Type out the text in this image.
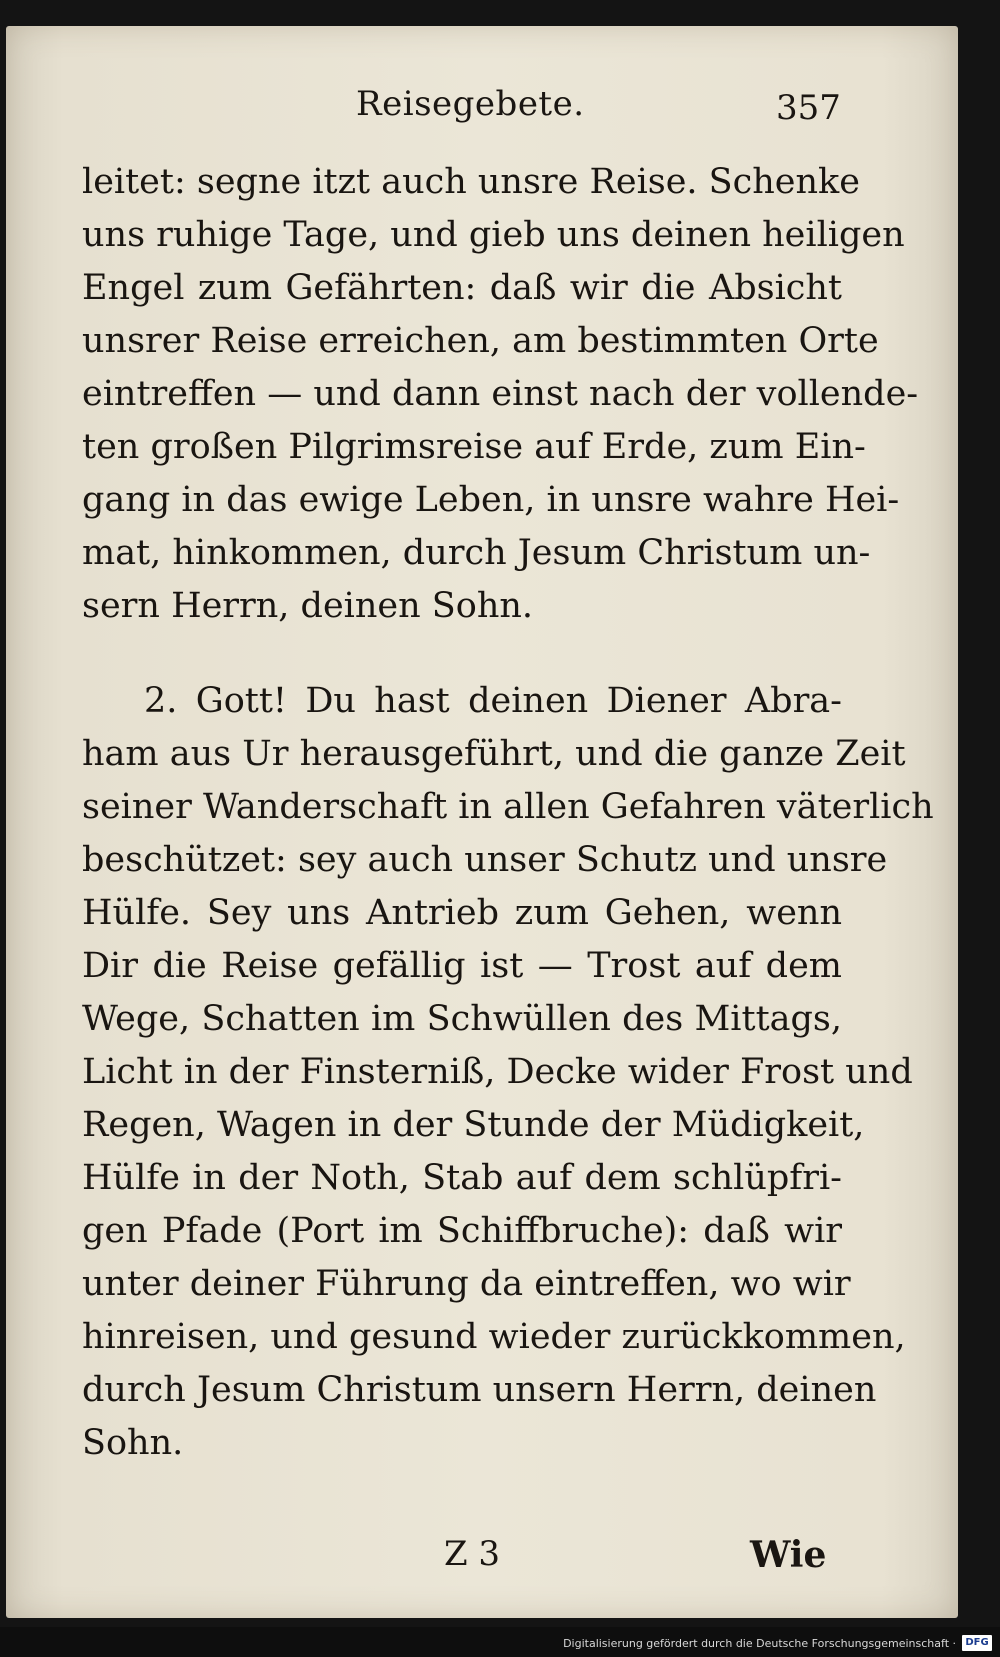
Reisegebete.	357
leitet: segne itzt auch unsre Reise. Schenke
uns ruhige Tage, und gieb uns deinen heiligen
Engel zum Gefährten: daß wir die Absicht
unsrer Reise erreichen, am bestimmten Orte
eintreffen — und dann einst nach der vollende-
ten großen Pilgrimsreise auf Erde, zum Ein-
gang in das ewige Leben, in unsre wahre Hei-
mat, hinkommen, durch Jesum Christum un-
sern Herrn, deinen Sohn.
2. Gott! Du hast deinen Diener Abra-
ham aus Ur herausgeführt, und die ganze Zeit
seiner Wanderschaft in allen Gefahren väterlich
beschützet: sey auch unser Schutz und unsre
Hülfe. Sey uns Antrieb zum Gehen, wenn
Dir die Reise gefällig ist — Trost auf dem
Wege, Schatten im Schwüllen des Mittags,
Licht in der Finsterniß, Decke wider Frost und
Regen, Wagen in der Stunde der Müdigkeit,
Hülfe in der Noth, Stab auf dem schlüpfri-
gen Pfade (Port im Schiffbruche): daß wir
unter deiner Führung da eintreffen, wo wir
hinreisen, und gesund wieder zurückkommen,
durch Jesum Christum unsern Herrn, deinen
Sohn.
Z 3	Wie
Digitalisierung gefördert durch die Deutsche Forschungsgemeinschaft · DFG
